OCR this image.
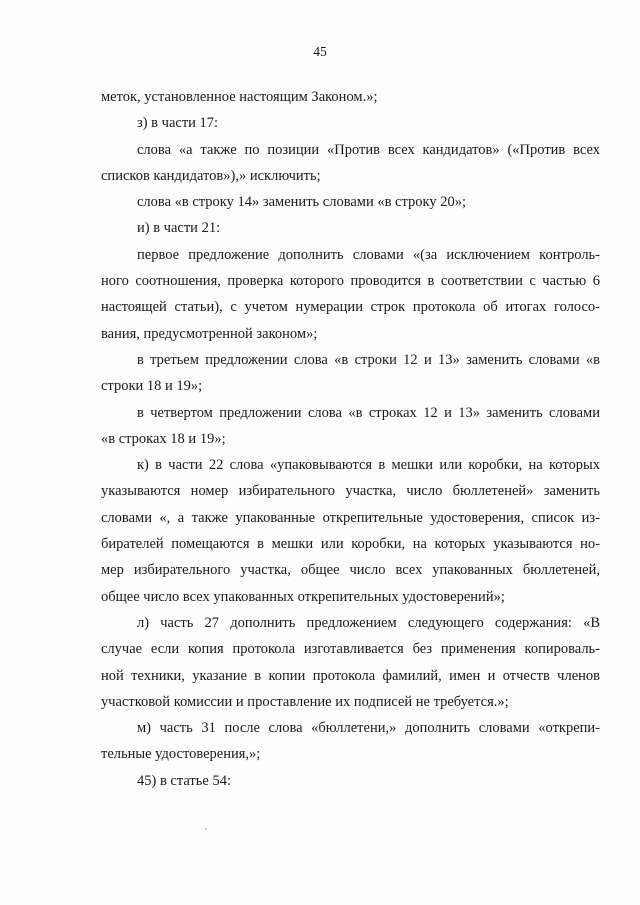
45
меток, установленное настоящим Законом.»;
з) в части 17:
слова «а также по позиции «Против всех кандидатов» («Против всех
списков кандидатов»),» исключить;
слова «в строку 14» заменить словами «в строку 20»;
и) в части 21:
первое предложение дополнить словами «(за исключением контроль-
ного соотношения, проверка которого проводится в соответствии с частью 6
настоящей статьи), с учетом нумерации строк протокола об итогах голосо-
вания, предусмотренной законом»;
в третьем предложении слова «в строки 12 и 13» заменить словами «в
строки 18 и 19»;
в четвертом предложении слова «в строках 12 и 13» заменить словами
«в строках 18 и 19»;
к) в части 22 слова «упаковываются в мешки или коробки, на которых
указываются номер избирательного участка, число бюллетеней» заменить
словами «, а также упакованные открепительные удостоверения, список из-
бирателей помещаются в мешки или коробки, на которых указываются но-
мер избирательного участка, общее число всех упакованных бюллетеней,
общее число всех упакованных открепительных удостоверений»;
л) часть 27 дополнить предложением следующего содержания: «В
случае если копия протокола изготавливается без применения копироваль-
ной техники, указание в копии протокола фамилий, имен и отчеств членов
участковой комиссии и проставление их подписей не требуется.»;
м) часть 31 после слова «бюллетени,» дополнить словами «открепи-
тельные удостоверения,»;
45) в статье 54:
